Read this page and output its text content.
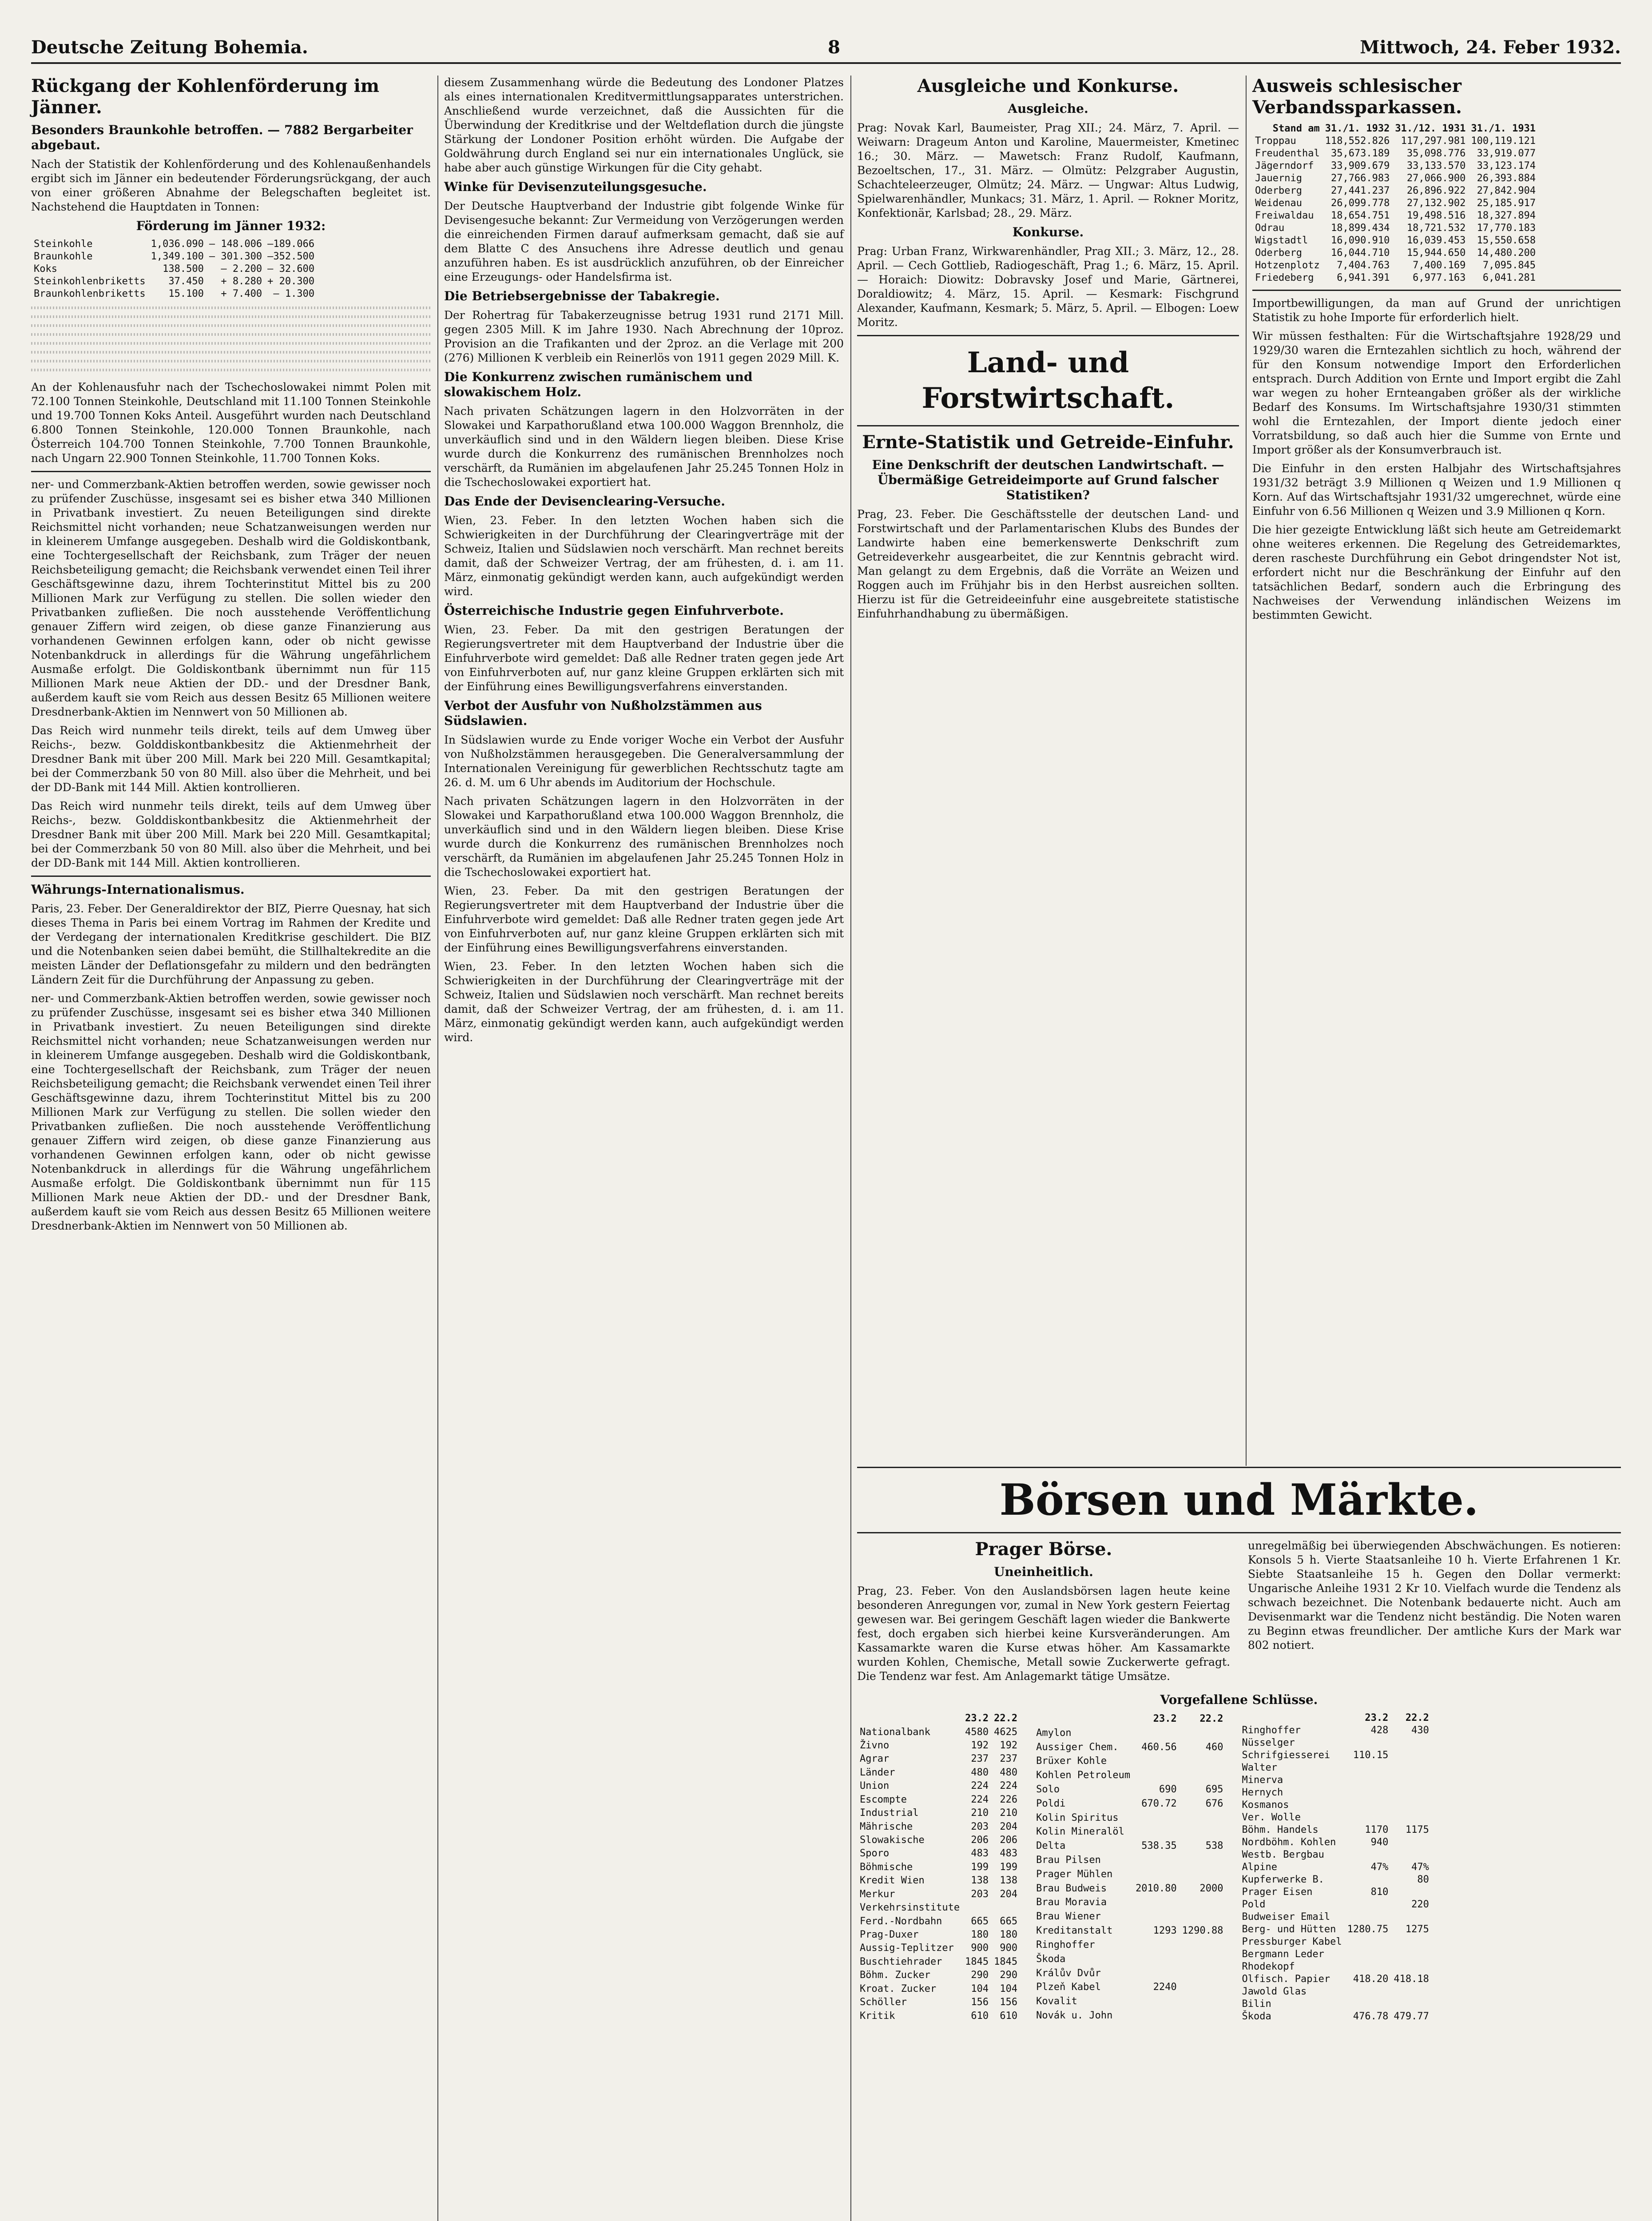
Deutsche Zeitung Bohemia.	8	Mittwoch, 24. Feber 1932.
Rückgang der Kohlenförderung im Jänner.
Besonders Braunkohle betroffen. — 7882 Bergarbeiter abgebaut.
Nach der Statistik der Kohlenförderung und des Kohlenaußenhandels ergibt sich im Jänner ein bedeutender Förderungsrückgang, der auch von einer größeren Abnahme der Belegschaften begleitet ist. Nachstehend die Hauptdaten in Tonnen:
Förderung im Jänner 1932:
Steinkohle	1,036.090	— 148.006	—189.066
Braunkohle	1,349.100	— 301.300	—352.500
Koks	138.500	— 2.200	— 32.600
Steinkohlenbriketts	37.450	+ 8.280	+ 20.300
Braunkohlenbriketts	15.100	+ 7.400	— 1.300
An der Kohlenausfuhr nach der Tschechoslowakei nimmt Polen mit 72.100 Tonnen Steinkohle, Deutschland mit 11.100 Tonnen Steinkohle und 19.700 Tonnen Koks Anteil. Ausgeführt wurden nach Deutschland 6.800 Tonnen Steinkohle, 120.000 Tonnen Braunkohle, nach Österreich 104.700 Tonnen Steinkohle, 7.700 Tonnen Braunkohle, nach Ungarn 22.900 Tonnen Steinkohle, 11.700 Tonnen Koks.
ner- und Commerzbank-Aktien betroffen werden, sowie gewisser noch zu prüfender Zuschüsse, insgesamt sei es bisher etwa 340 Millionen in Privatbank investiert. Zu neuen Beteiligungen sind direkte Reichsmittel nicht vorhanden; neue Schatzanweisungen werden nur in kleinerem Umfange ausgegeben. Deshalb wird die Goldiskontbank, eine Tochtergesellschaft der Reichsbank, zum Träger der neuen Reichsbeteiligung gemacht; die Reichsbank verwendet einen Teil ihrer Geschäftsgewinne dazu, ihrem Tochterinstitut Mittel bis zu 200 Millionen Mark zur Verfügung zu stellen. Die sollen wieder den Privatbanken zufließen. Die noch ausstehende Veröffentlichung genauer Ziffern wird zeigen, ob diese ganze Finanzierung aus vorhandenen Gewinnen erfolgen kann, oder ob nicht gewisse Notenbankdruck in allerdings für die Währung ungefährlichem Ausmaße erfolgt. Die Goldiskontbank übernimmt nun für 115 Millionen Mark neue Aktien der DD.- und der Dresdner Bank, außerdem kauft sie vom Reich aus dessen Besitz 65 Millionen weitere Dresdnerbank-Aktien im Nennwert von 50 Millionen ab.
Das Reich wird nunmehr teils direkt, teils auf dem Umweg über Reichs-, bezw. Golddiskontbankbesitz die Aktienmehrheit der Dresdner Bank mit über 200 Mill. Mark bei 220 Mill. Gesamtkapital; bei der Commerzbank 50 von 80 Mill. also über die Mehrheit, und bei der DD-Bank mit 144 Mill. Aktien kontrollieren.
Das Reich wird nunmehr teils direkt, teils auf dem Umweg über Reichs-, bezw. Golddiskontbankbesitz die Aktienmehrheit der Dresdner Bank mit über 200 Mill. Mark bei 220 Mill. Gesamtkapital; bei der Commerzbank 50 von 80 Mill. also über die Mehrheit, und bei der DD-Bank mit 144 Mill. Aktien kontrollieren.
Währungs-Internationalismus.
Paris, 23. Feber. Der Generaldirektor der BIZ, Pierre Quesnay, hat sich dieses Thema in Paris bei einem Vortrag im Rahmen der Kredite und der Verdegang der internationalen Kreditkrise geschildert. Die BIZ und die Notenbanken seien dabei bemüht, die Stillhaltekredite an die meisten Länder der Deflationsgefahr zu mildern und den bedrängten Ländern Zeit für die Durchführung der Anpassung zu geben.
ner- und Commerzbank-Aktien betroffen werden, sowie gewisser noch zu prüfender Zuschüsse, insgesamt sei es bisher etwa 340 Millionen in Privatbank investiert. Zu neuen Beteiligungen sind direkte Reichsmittel nicht vorhanden; neue Schatzanweisungen werden nur in kleinerem Umfange ausgegeben. Deshalb wird die Goldiskontbank, eine Tochtergesellschaft der Reichsbank, zum Träger der neuen Reichsbeteiligung gemacht; die Reichsbank verwendet einen Teil ihrer Geschäftsgewinne dazu, ihrem Tochterinstitut Mittel bis zu 200 Millionen Mark zur Verfügung zu stellen. Die sollen wieder den Privatbanken zufließen. Die noch ausstehende Veröffentlichung genauer Ziffern wird zeigen, ob diese ganze Finanzierung aus vorhandenen Gewinnen erfolgen kann, oder ob nicht gewisse Notenbankdruck in allerdings für die Währung ungefährlichem Ausmaße erfolgt. Die Goldiskontbank übernimmt nun für 115 Millionen Mark neue Aktien der DD.- und der Dresdner Bank, außerdem kauft sie vom Reich aus dessen Besitz 65 Millionen weitere Dresdnerbank-Aktien im Nennwert von 50 Millionen ab.
diesem Zusammenhang würde die Bedeutung des Londoner Platzes als eines internationalen Kreditvermittlungsapparates unterstrichen. Anschließend wurde verzeichnet, daß die Aussichten für die Überwindung der Kreditkrise und der Weltdeflation durch die jüngste Stärkung der Londoner Position erhöht würden. Die Aufgabe der Goldwährung durch England sei nur ein internationales Unglück, sie habe aber auch günstige Wirkungen für die City gehabt.
Winke für Devisenzuteilungsgesuche.
Der Deutsche Hauptverband der Industrie gibt folgende Winke für Devisengesuche bekannt: Zur Vermeidung von Verzögerungen werden die einreichenden Firmen darauf aufmerksam gemacht, daß sie auf dem Blatte C des Ansuchens ihre Adresse deutlich und genau anzuführen haben. Es ist ausdrücklich anzuführen, ob der Einreicher eine Erzeugungs- oder Handelsfirma ist.
Die Betriebsergebnisse der Tabakregie.
Der Rohertrag für Tabakerzeugnisse betrug 1931 rund 2171 Mill. gegen 2305 Mill. K im Jahre 1930. Nach Abrechnung der 10proz. Provision an die Trafikanten und der 2proz. an die Verlage mit 200 (276) Millionen K verbleib ein Reinerlös von 1911 gegen 2029 Mill. K.
Die Konkurrenz zwischen rumänischem und slowakischem Holz.
Nach privaten Schätzungen lagern in den Holzvorräten in der Slowakei und Karpathorußland etwa 100.000 Waggon Brennholz, die unverkäuflich sind und in den Wäldern liegen bleiben. Diese Krise wurde durch die Konkurrenz des rumänischen Brennholzes noch verschärft, da Rumänien im abgelaufenen Jahr 25.245 Tonnen Holz in die Tschechoslowakei exportiert hat.
Das Ende der Devisenclearing-Versuche.
Wien, 23. Feber. In den letzten Wochen haben sich die Schwierigkeiten in der Durchführung der Clearingverträge mit der Schweiz, Italien und Südslawien noch verschärft. Man rechnet bereits damit, daß der Schweizer Vertrag, der am frühesten, d. i. am 11. März, einmonatig gekündigt werden kann, auch aufgekündigt werden wird.
Österreichische Industrie gegen Einfuhrverbote.
Wien, 23. Feber. Da mit den gestrigen Beratungen der Regierungsvertreter mit dem Hauptverband der Industrie über die Einfuhrverbote wird gemeldet: Daß alle Redner traten gegen jede Art von Einfuhrverboten auf, nur ganz kleine Gruppen erklärten sich mit der Einführung eines Bewilligungsverfahrens einverstanden.
Verbot der Ausfuhr von Nußholzstämmen aus Südslawien.
In Südslawien wurde zu Ende voriger Woche ein Verbot der Ausfuhr von Nußholzstämmen herausgegeben. Die Generalversammlung der Internationalen Vereinigung für gewerblichen Rechtsschutz tagte am 26. d. M. um 6 Uhr abends im Auditorium der Hochschule.
Nach privaten Schätzungen lagern in den Holzvorräten in der Slowakei und Karpathorußland etwa 100.000 Waggon Brennholz, die unverkäuflich sind und in den Wäldern liegen bleiben. Diese Krise wurde durch die Konkurrenz des rumänischen Brennholzes noch verschärft, da Rumänien im abgelaufenen Jahr 25.245 Tonnen Holz in die Tschechoslowakei exportiert hat.
Wien, 23. Feber. Da mit den gestrigen Beratungen der Regierungsvertreter mit dem Hauptverband der Industrie über die Einfuhrverbote wird gemeldet: Daß alle Redner traten gegen jede Art von Einfuhrverboten auf, nur ganz kleine Gruppen erklärten sich mit der Einführung eines Bewilligungsverfahrens einverstanden.
Wien, 23. Feber. In den letzten Wochen haben sich die Schwierigkeiten in der Durchführung der Clearingverträge mit der Schweiz, Italien und Südslawien noch verschärft. Man rechnet bereits damit, daß der Schweizer Vertrag, der am frühesten, d. i. am 11. März, einmonatig gekündigt werden kann, auch aufgekündigt werden wird.
Ausgleiche und Konkurse.
Ausgleiche.
Prag: Novak Karl, Baumeister, Prag XII.; 24. März, 7. April. — Weiwarn: Drageum Anton und Karoline, Mauermeister, Kmetinec 16.; 30. März. — Mawetsch: Franz Rudolf, Kaufmann, Bezoeltschen, 17., 31. März. — Olmütz: Pelzgraber Augustin, Schachteleerzeuger, Olmütz; 24. März. — Ungwar: Altus Ludwig, Spielwarenhändler, Munkacs; 31. März, 1. April. — Rokner Moritz, Konfektionär, Karlsbad; 28., 29. März.
Konkurse.
Prag: Urban Franz, Wirkwarenhändler, Prag XII.; 3. März, 12., 28. April. — Cech Gottlieb, Radiogeschäft, Prag 1.; 6. März, 15. April. — Horaich: Diowitz: Dobravsky Josef und Marie, Gärtnerei, Doraldiowitz; 4. März, 15. April. — Kesmark: Fischgrund Alexander, Kaufmann, Kesmark; 5. März, 5. April. — Elbogen: Loew Moritz.
Land- und Forstwirtschaft.
Ernte-Statistik und Getreide-Einfuhr.
Eine Denkschrift der deutschen Landwirtschaft. — Übermäßige Getreideimporte auf Grund falscher Statistiken?
Prag, 23. Feber. Die Geschäftsstelle der deutschen Land- und Forstwirtschaft und der Parlamentarischen Klubs des Bundes der Landwirte haben eine bemerkenswerte Denkschrift zum Getreideverkehr ausgearbeitet, die zur Kenntnis gebracht wird. Man gelangt zu dem Ergebnis, daß die Vorräte an Weizen und Roggen auch im Frühjahr bis in den Herbst ausreichen sollten. Hierzu ist für die Getreideeinfuhr eine ausgebreitete statistische Einfuhrhandhabung zu übermäßigen.
Ausweis schlesischer Verbandssparkassen.
Stand am	31./1. 1932	31./12. 1931	31./1. 1931
Troppau	118,552.826	117,297.981	100,119.121
Freudenthal	35,673.189	35,098.776	33,919.077
Jägerndorf	33,909.679	33,133.570	33,123.174
Jauernig	27,766.983	27,066.900	26,393.884
Oderberg	27,441.237	26,896.922	27,842.904
Weidenau	26,099.778	27,132.902	25,185.917
Freiwaldau	18,654.751	19,498.516	18,327.894
Odrau	18,899.434	18,721.532	17,770.183
Wigstadtl	16,090.910	16,039.453	15,550.658
Oderberg	16,044.710	15,944.650	14,480.200
Hotzenplotz	7,404.763	7,400.169	7,095.845
Friedeberg	6,941.391	6,977.163	6,041.281
Importbewilligungen, da man auf Grund der unrichtigen Statistik zu hohe Importe für erforderlich hielt.
Wir müssen festhalten: Für die Wirtschaftsjahre 1928/29 und 1929/30 waren die Erntezahlen sichtlich zu hoch, während der für den Konsum notwendige Import den Erforderlichen entsprach. Durch Addition von Ernte und Import ergibt die Zahl war wegen zu hoher Ernteangaben größer als der wirkliche Bedarf des Konsums. Im Wirtschaftsjahre 1930/31 stimmten wohl die Erntezahlen, der Import diente jedoch einer Vorratsbildung, so daß auch hier die Summe von Ernte und Import größer als der Konsumverbrauch ist.
Die Einfuhr in den ersten Halbjahr des Wirtschaftsjahres 1931/32 beträgt 3.9 Millionen q Weizen und 1.9 Millionen q Korn. Auf das Wirtschaftsjahr 1931/32 umgerechnet, würde eine Einfuhr von 6.56 Millionen q Weizen und 3.9 Millionen q Korn.
Die hier gezeigte Entwicklung läßt sich heute am Getreidemarkt ohne weiteres erkennen. Die Regelung des Getreidemarktes, deren rascheste Durchführung ein Gebot dringendster Not ist, erfordert nicht nur die Beschränkung der Einfuhr auf den tatsächlichen Bedarf, sondern auch die Erbringung des Nachweises der Verwendung inländischen Weizens im bestimmten Gewicht.
Börsen und Märkte.
Prager Börse.
Uneinheitlich.
Prag, 23. Feber. Von den Auslandsbörsen lagen heute keine besonderen Anregungen vor, zumal in New York gestern Feiertag gewesen war. Bei geringem Geschäft lagen wieder die Bankwerte fest, doch ergaben sich hierbei keine Kursveränderungen. Am Kassamarkte waren die Kurse etwas höher. Am Kassamarkte wurden Kohlen, Chemische, Metall sowie Zuckerwerte gefragt. Die Tendenz war fest. Am Anlagemarkt tätige Umsätze.
unregelmäßig bei überwiegenden Abschwächungen. Es notieren: Konsols 5 h. Vierte Staatsanleihe 10 h. Vierte Erfahrenen 1 Kr. Siebte Staatsanleihe 15 h. Gegen den Dollar vermerkt: Ungarische Anleihe 1931 2 Kr 10. Vielfach wurde die Tendenz als schwach bezeichnet. Die Notenbank bedauerte nicht. Auch am Devisenmarkt war die Tendenz nicht beständig. Die Noten waren zu Beginn etwas freundlicher. Der amtliche Kurs der Mark war 802 notiert.
Vorgefallene Schlüsse.
	23.2	22.2
Nationalbank	4580	4625
Živno	192	192
Agrar	237	237
Länder	480	480
Union	224	224
Escompte	224	226
Industrial	210	210
Mährische	203	204
Slowakische	206	206
Sporo	483	483
Böhmische	199	199
Kredit Wien	138	138
Merkur	203	204
Verkehrsinstitute		
Ferd.-Nordbahn	665	665
Prag-Duxer	180	180
Aussig-Teplitzer	900	900
Buschtiehrader	1845	1845
Böhm. Zucker	290	290
Kroat. Zucker	104	104
Schöller	156	156
Kritik	610	610
	23.2	22.2
Amylon		
Aussiger Chem.	460.56	460
Brüxer Kohle		
Kohlen Petroleum		
Solo	690	695
Poldi	670.72	676
Kolin Spiritus		
Kolin Mineralöl		
Delta	538.35	538
Brau Pilsen		
Prager Mühlen		
Brau Budweis	2010.80	2000
Brau Moravia		
Brau Wiener		
Kreditanstalt	1293	1290.88
Ringhoffer		
Škoda		
Králův Dvůr		
Plzeň Kabel	2240	
Kovalit		
Novák u. John		
	23.2	22.2
Ringhoffer	428	430
Nüsselger		
Schrifgiesserei	110.15	
Walter		
Minerva		
Hernych		
Kosmanos		
Ver. Wolle		
Böhm. Handels	1170	1175
Nordböhm. Kohlen	940	
Westb. Bergbau		
Alpine	47%	47%
Kupferwerke B.		80
Prager Eisen	810	
Pold		220
Budweiser Email		
Berg- und Hütten	1280.75	1275
Pressburger Kabel		
Bergmann Leder		
Rhodekopf		
Olfisch. Papier	418.20	418.18
Jawold Glas		
Bilin		
Škoda	476.78	479.77
